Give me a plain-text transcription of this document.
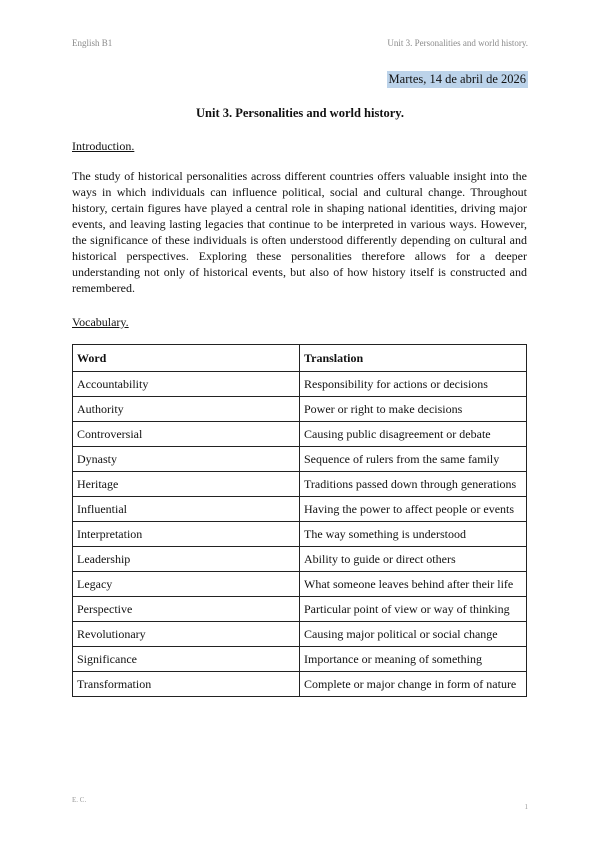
English B1	Unit 3. Personalities and world history.
Martes, 14 de abril de 2026
Unit 3. Personalities and world history.
Introduction.

The study of historical personalities across different countries offers valuable insight into the ways in which individuals can influence political, social and cultural change. Throughout history, certain figures have played a central role in shaping national identities, driving major events, and leaving lasting legacies that continue to be interpreted in various ways. However, the significance of these individuals is often understood differently depending on cultural and historical perspectives. Exploring these personalities therefore allows for a deeper understanding not only of historical events, but also of how history itself is constructed and remembered.

Vocabulary.
Word	Translation
Accountability	Responsibility for actions or decisions
Authority	Power or right to make decisions
Controversial	Causing public disagreement or debate
Dynasty	Sequence of rulers from the same family
Heritage	Traditions passed down through generations
Influential	Having the power to affect people or events
Interpretation	The way something is understood
Leadership	Ability to guide or direct others
Legacy	What someone leaves behind after their life
Perspective	Particular point of view or way of thinking
Revolutionary	Causing major political or social change
Significance	Importance or meaning of something
Transformation	Complete or major change in form of nature
E. C.
1
